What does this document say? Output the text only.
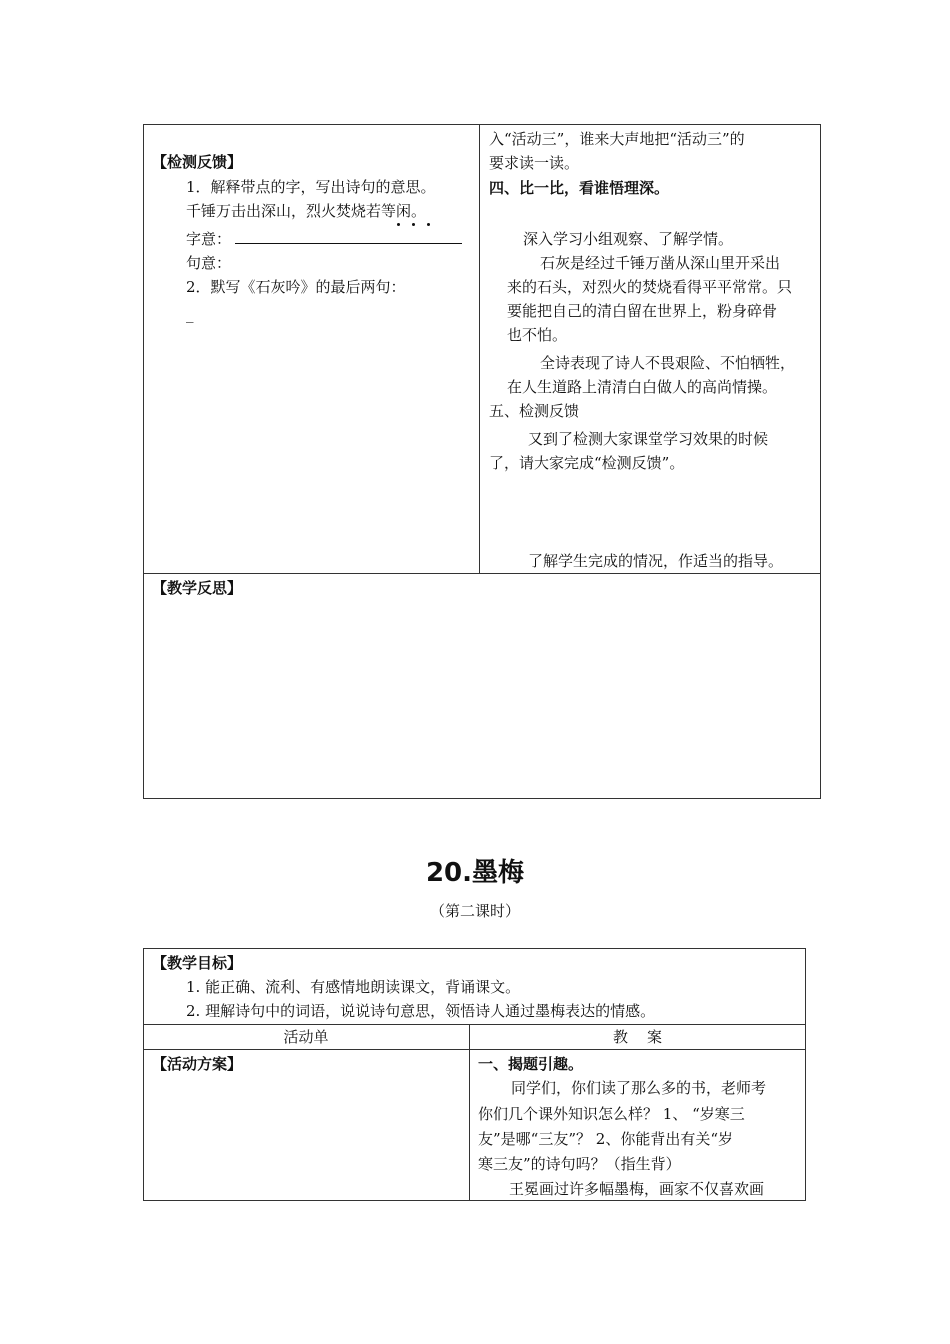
【检测反馈】
1．解释带点的字，写出诗句的意思。
千锤万击出深山，烈火焚烧若等闲。
字意：
句意：
2．默写《石灰吟》的最后两句：
_
入“活动三”，谁来大声地把“活动三”的
要求读一读。
四、比一比，看谁悟理深。
深入学习小组观察、了解学情。
石灰是经过千锤万凿从深山里开采出
来的石头，对烈火的焚烧看得平平常常。只
要能把自己的清白留在世界上，粉身碎骨
也不怕。
全诗表现了诗人不畏艰险、不怕牺牲，
在人生道路上清清白白做人的高尚情操。
五、检测反馈
又到了检测大家课堂学习效果的时候
了，请大家完成“检测反馈”。
了解学生完成的情况，作适当的指导。
【教学反思】
20.墨梅
（第二课时）
【教学目标】
1. 能正确、流利、有感情地朗读课文，背诵课文。
2. 理解诗句中的词语，说说诗句意思，领悟诗人通过墨梅表达的情感。
活动单	教    案
【活动方案】	一、揭题引趣。
同学们，你们读了那么多的书，老师考
你们几个课外知识怎么样？ 1、 “岁寒三
友”是哪“三友”？ 2、你能背出有关“岁
寒三友”的诗句吗？（指生背）
王冕画过许多幅墨梅，画家不仅喜欢画
